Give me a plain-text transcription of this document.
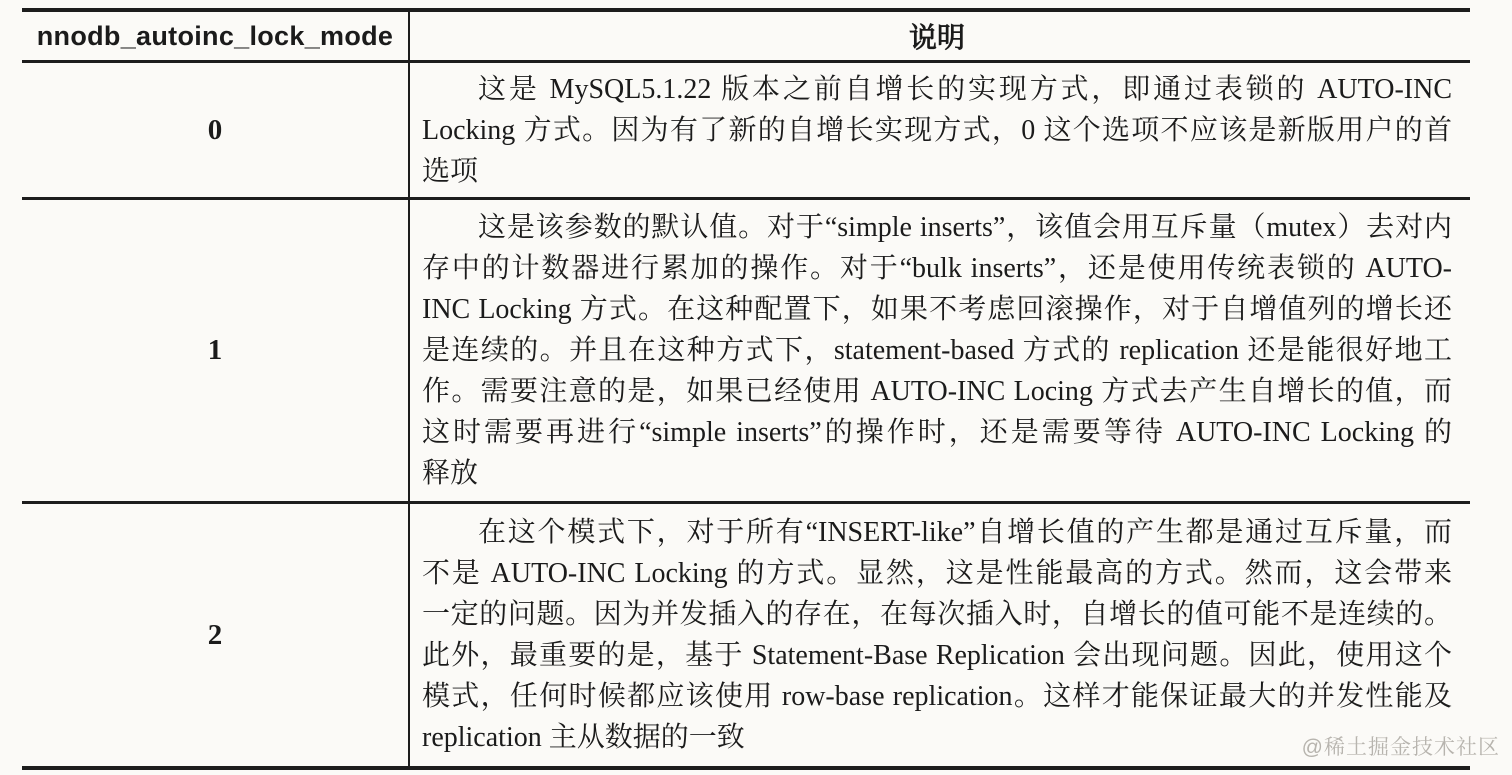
nnodb_autoinc_lock_mode	说明
0
这是 MySQL5.1.22 版本之前自增长的实现方式，即通过表锁的 AUTO-INC
Locking 方式。因为有了新的自增长实现方式，0 这个选项不应该是新版用户的首
选项
1
这是该参数的默认值。对于“simple inserts”，该值会用互斥量（mutex）去对内
存中的计数器进行累加的操作。对于“bulk inserts”，还是使用传统表锁的 AUTO-
INC Locking 方式。在这种配置下，如果不考虑回滚操作，对于自增值列的增长还
是连续的。并且在这种方式下，statement-based 方式的 replication 还是能很好地工
作。需要注意的是，如果已经使用 AUTO-INC Locing 方式去产生自增长的值，而
这时需要再进行“simple inserts”的操作时，还是需要等待 AUTO-INC Locking 的
释放
2
在这个模式下，对于所有“INSERT-like”自增长值的产生都是通过互斥量，而
不是 AUTO-INC Locking 的方式。显然，这是性能最高的方式。然而，这会带来
一定的问题。因为并发插入的存在，在每次插入时，自增长的值可能不是连续的。
此外，最重要的是，基于 Statement-Base Replication 会出现问题。因此，使用这个
模式，任何时候都应该使用 row-base replication。这样才能保证最大的并发性能及
replication 主从数据的一致	@稀土掘金技术社区
